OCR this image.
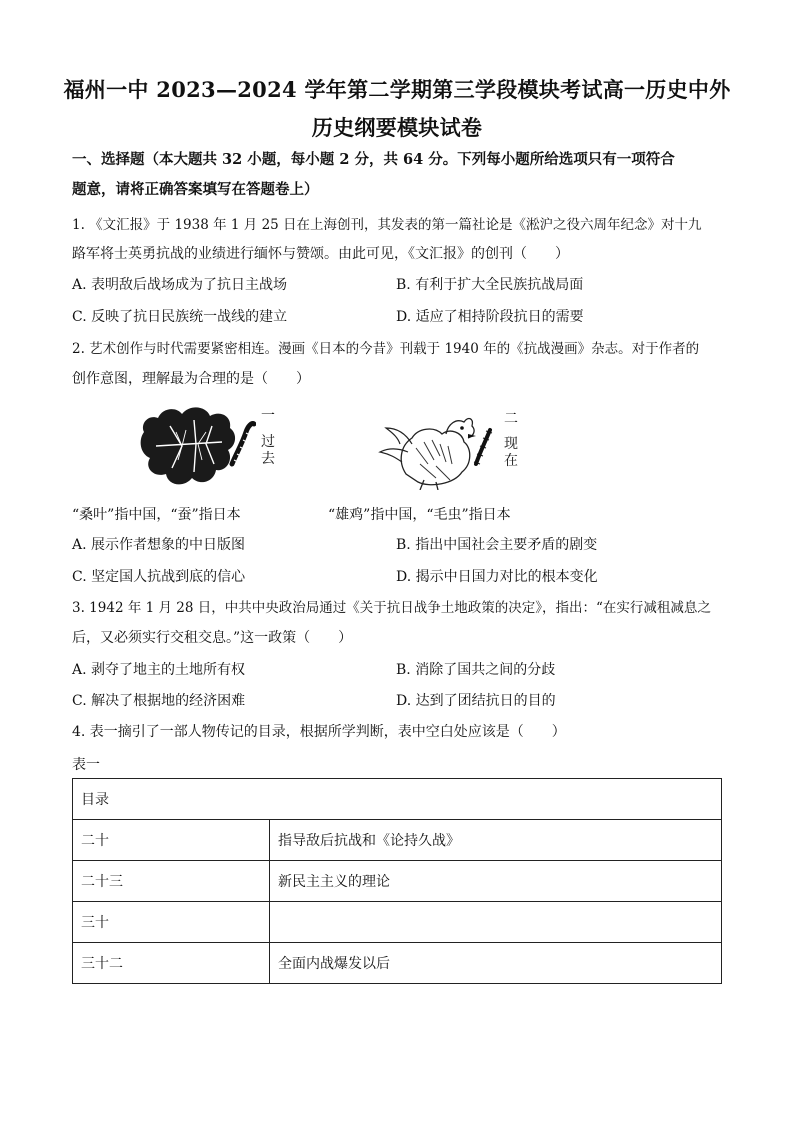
福州一中 2023—2024 学年第二学期第三学段模块考试高一历史中外
历史纲要模块试卷
一、选择题（本大题共 32 小题，每小题 2 分，共 64 分。下列每小题所给选项只有一项符合
题意，请将正确答案填写在答题卷上）
1. 《文汇报》于 1938 年 1 月 25 日在上海创刊，其发表的第一篇社论是《淞沪之役六周年纪念》对十九
路军将士英勇抗战的业绩进行缅怀与赞颂。由此可见，《文汇报》的创刊（　　）
A. 表明敌后战场成为了抗日主战场	B. 有利于扩大全民族抗战局面
C. 反映了抗日民族统一战线的建立	D. 适应了相持阶段抗日的需要
2. 艺术创作与时代需要紧密相连。漫画《日本的今昔》刊载于 1940 年的《抗战漫画》杂志。对于作者的
创作意图，理解最为合理的是（　　）
一
过
去
二
现
在
“桑叶”指中国，“蚕”指日本	“雄鸡”指中国，“毛虫”指日本
A. 展示作者想象的中日版图	B. 指出中国社会主要矛盾的剧变
C. 坚定国人抗战到底的信心	D. 揭示中日国力对比的根本变化
3. 1942 年 1 月 28 日，中共中央政治局通过《关于抗日战争土地政策的决定》，指出：“在实行减租减息之
后，又必须实行交租交息。”这一政策（　　）
A. 剥夺了地主的土地所有权	B. 消除了国共之间的分歧
C. 解决了根据地的经济困难	D. 达到了团结抗日的目的
4. 表一摘引了一部人物传记的目录，根据所学判断，表中空白处应该是（　　）
表一
目录	
二十	指导敌后抗战和《论持久战》
二十三	新民主主义的理论
三十	
三十二	全面内战爆发以后
